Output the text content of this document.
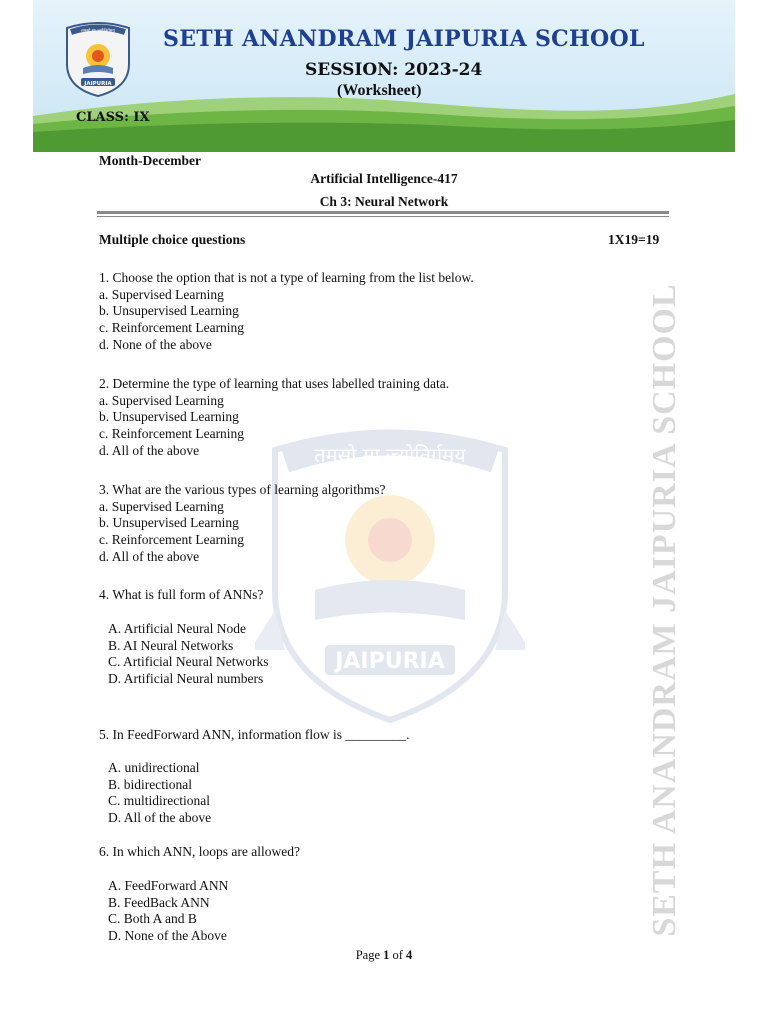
JAIPURIA
तमसो मा ज्योतिर्गमय SETH ANANDRAM JAIPURIA SCHOOL
SESSION: 2023-24
(Worksheet)
CLASS: IX
तमसो मा ज्योतिर्गमय
JAIPURIA	SETH ANANDRAM JAIPURIA SCHOOL
Month-December
Artificial Intelligence-417
Ch 3: Neural Network
Multiple choice questions	1X19=19
1. Choose the option that is not a type of learning from the list below.
a. Supervised Learning
b. Unsupervised Learning
c. Reinforcement Learning
d. None of the above
2. Determine the type of learning that uses labelled training data.
a. Supervised Learning
b. Unsupervised Learning
c. Reinforcement Learning
d. All of the above
3. What are the various types of learning algorithms?
a. Supervised Learning
b. Unsupervised Learning
c. Reinforcement Learning
d. All of the above
4. What is full form of ANNs?
A. Artificial Neural Node
B. AI Neural Networks
C. Artificial Neural Networks
D. Artificial Neural numbers
5. In FeedForward ANN, information flow is _________.
A. unidirectional
B. bidirectional
C. multidirectional
D. All of the above
6. In which ANN, loops are allowed?
A. FeedForward ANN
B. FeedBack ANN
C. Both A and B
D. None of the Above
Page 1 of 4
